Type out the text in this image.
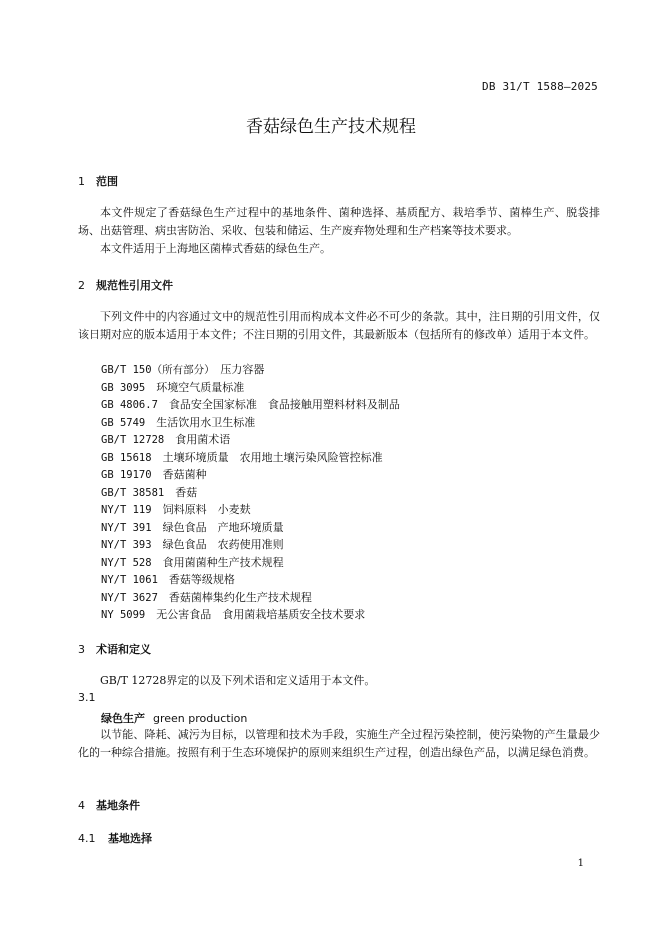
DB 31/T 1588—2025
香菇绿色生产技术规程
1 范围

本文件规定了香菇绿色生产过程中的基地条件、菌种选择、基质配方、栽培季节、菌棒生产、脱袋排场、出菇管理、病虫害防治、采收、包装和储运、生产废弃物处理和生产档案等技术要求。

本文件适用于上海地区菌棒式香菇的绿色生产。

2 规范性引用文件

下列文件中的内容通过文中的规范性引用而构成本文件必不可少的条款。其中，注日期的引用文件，仅该日期对应的版本适用于本文件；不注日期的引用文件，其最新版本（包括所有的修改单）适用于本文件。

GB/T 150（所有部分）　 压力容器
GB 3095　 环境空气质量标准
GB 4806.7　 食品安全国家标准　食品接触用塑料材料及制品
GB 5749　 生活饮用水卫生标准
GB/T 12728　 食用菌术语
GB 15618　 土壤环境质量　农用地土壤污染风险管控标准
GB 19170　 香菇菌种
GB/T 38581　 香菇
NY/T 119　 饲料原料　小麦麸
NY/T 391　 绿色食品　产地环境质量
NY/T 393　 绿色食品　农药使用准则
NY/T 528　 食用菌菌种生产技术规程
NY/T 1061　 香菇等级规格
NY/T 3627　 香菇菌棒集约化生产技术规程
NY 5099　 无公害食品　食用菌栽培基质安全技术要求
3 术语和定义

GB/T 12728界定的以及下列术语和定义适用于本文件。

3.1
绿色生产 green production

以节能、降耗、减污为目标，以管理和技术为手段，实施生产全过程污染控制，使污染物的产生量最少化的一种综合措施。按照有利于生态环境保护的原则来组织生产过程，创造出绿色产品，以满足绿色消费。

4 基地条件
4.1 基地选择
1
